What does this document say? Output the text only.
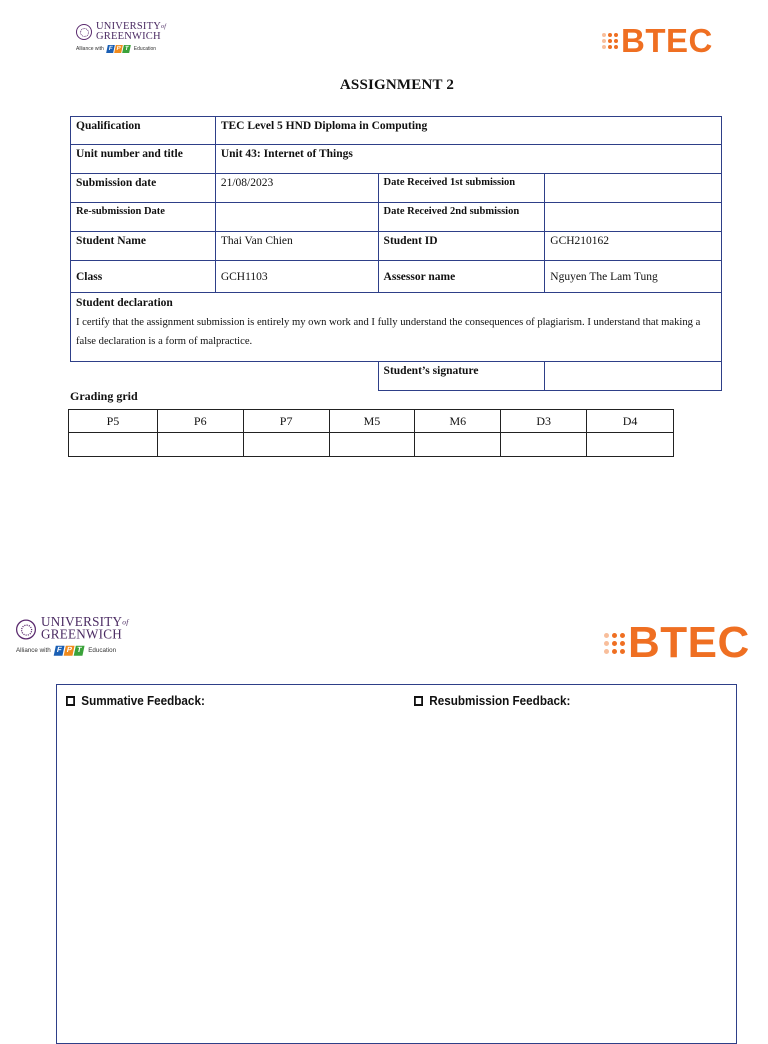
$UNIVERSITY^{of}$
GREENWICH
Alliance with F P T	Education	BTEC
ASSIGNMENT 2
Qualification	TEC Level 5 HND Diploma in Computing		
Unit number and title	Unit 43: Internet of Things		
Submission date	21/08/2023	Date Received 1st submission	
Re-submission Date		Date Received 2nd submission	
Student Name	Thai Van Chien	Student ID	GCH210162
Class	GCH1103	Assessor name	Nguyen The Lam Tung

Student declaration
I certify that the assignment submission is entirely my own work and I fully understand the consequences of plagiarism. I understand that making a false declaration is a form of malpractice.			

		Student’s signature	
Grading grid
P5	P6	P7	M5	M6	D3	D4

$UNIVERSITY^{of}$
GREENWICH
Alliance with F P T	Education	BTEC
Summative Feedback:	Resubmission Feedback:
